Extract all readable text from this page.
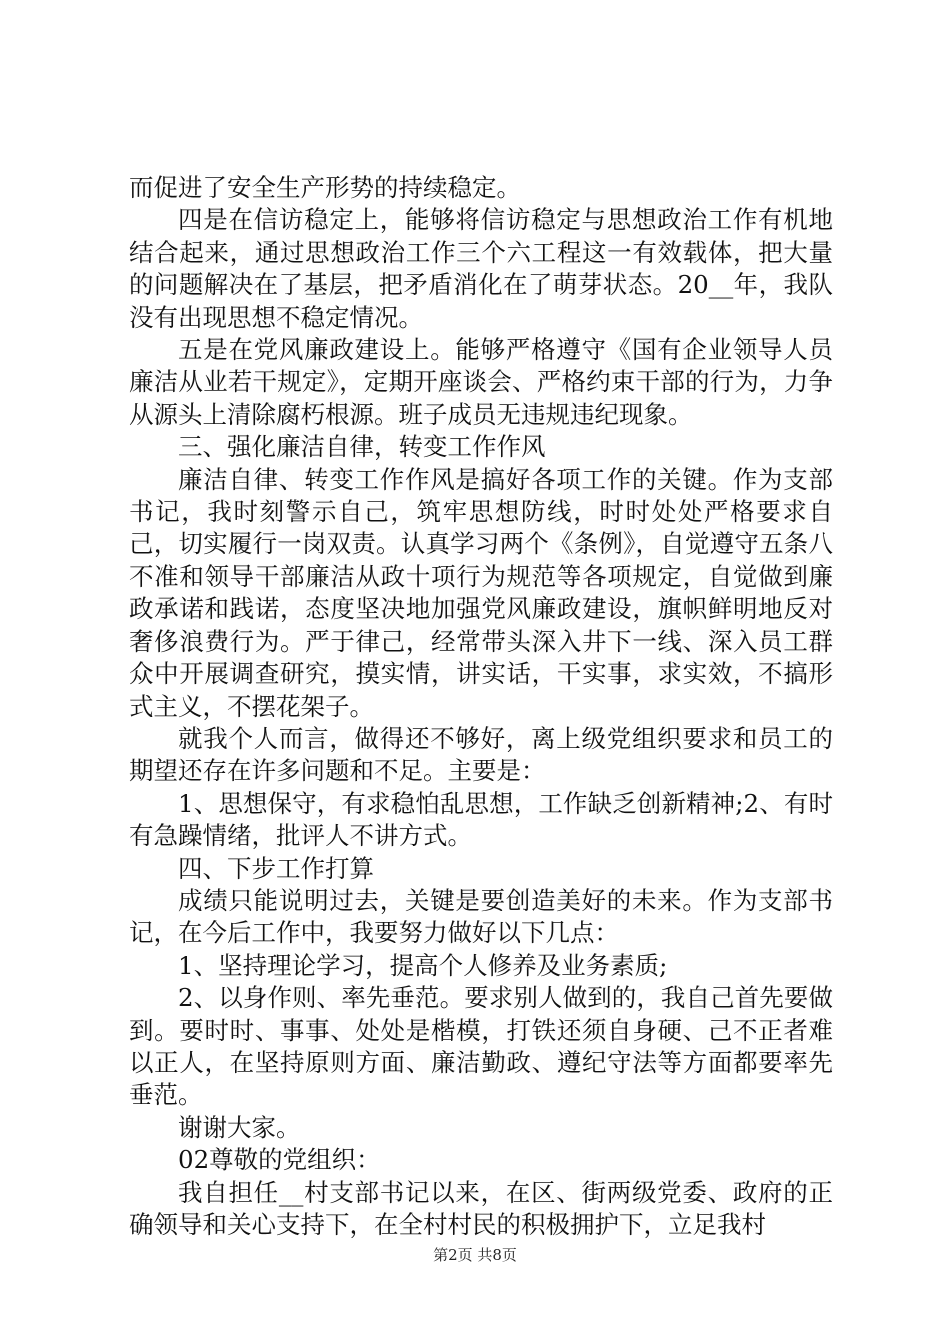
而促进了安全生产形势的持续稳定。

四是在信访稳定上，能够将信访稳定与思想政治工作有机地结合起来，通过思想政治工作三个六工程这一有效载体，把大量的问题解决在了基层，把矛盾消化在了萌芽状态。20__年，我队没有出现思想不稳定情况。

五是在党风廉政建设上。能够严格遵守《国有企业领导人员廉洁从业若干规定》，定期开座谈会、严格约束干部的行为，力争从源头上清除腐朽根源。班子成员无违规违纪现象。

三、强化廉洁自律，转变工作作风

廉洁自律、转变工作作风是搞好各项工作的关键。作为支部书记，我时刻警示自己，筑牢思想防线，时时处处严格要求自己，切实履行一岗双责。认真学习两个《条例》，自觉遵守五条八不准和领导干部廉洁从政十项行为规范等各项规定，自觉做到廉政承诺和践诺，态度坚决地加强党风廉政建设，旗帜鲜明地反对奢侈浪费行为。严于律己，经常带头深入井下一线、深入员工群众中开展调查研究，摸实情，讲实话，干实事，求实效，不搞形式主义，不摆花架子。

就我个人而言，做得还不够好，离上级党组织要求和员工的期望还存在许多问题和不足。主要是：

1、思想保守，有求稳怕乱思想，工作缺乏创新精神;2、有时有急躁情绪，批评人不讲方式。

四、下步工作打算

成绩只能说明过去，关键是要创造美好的未来。作为支部书记，在今后工作中，我要努力做好以下几点：

1、坚持理论学习，提高个人修养及业务素质;

2、以身作则、率先垂范。要求别人做到的，我自己首先要做到。要时时、事事、处处是楷模，打铁还须自身硬、己不正者难以正人，在坚持原则方面、廉洁勤政、遵纪守法等方面都要率先垂范。

谢谢大家。

02尊敬的党组织：

我自担任__村支部书记以来，在区、街两级党委、政府的正确领导和关心支持下，在全村村民的积极拥护下，立足我村

第2页 共8页
